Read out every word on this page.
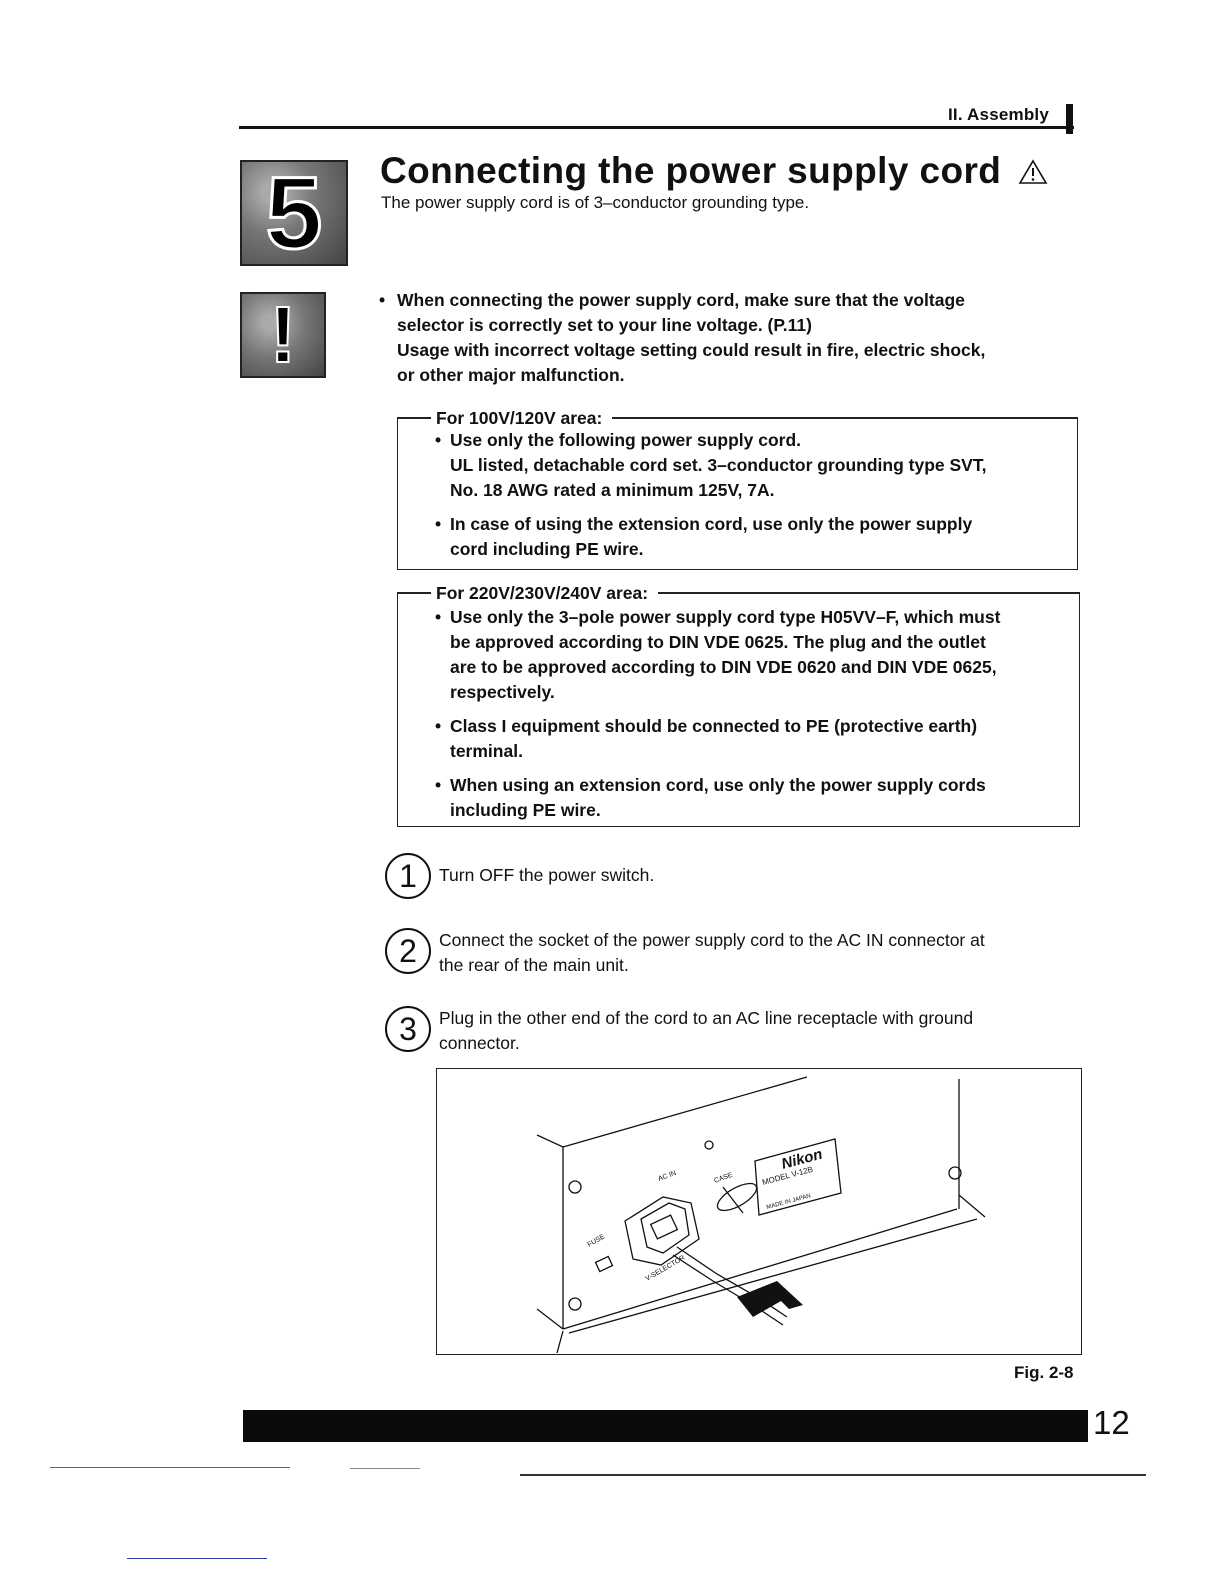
II. Assembly
5
!
Connecting the power supply cord
The power supply cord is of 3–conductor grounding type.
• When connecting the power supply cord, make sure that the voltage
selector is correctly set to your line voltage. (P.11)
Usage with incorrect voltage setting could result in fire, electric shock,
or other major malfunction.
For 100V/120V area:
• Use only the following power supply cord.
UL listed, detachable cord set. 3–conductor grounding type SVT,
No. 18 AWG rated a minimum 125V, 7A.
• In case of using the extension cord, use only the power supply
cord including PE wire.
For 220V/230V/240V area:
• Use only the 3–pole power supply cord type H05VV–F, which must
be approved according to DIN VDE 0625. The plug and the outlet
are to be approved according to DIN VDE 0620 and DIN VDE 0625,
respectively.
• Class I equipment should be connected to PE (protective earth)
terminal.
• When using an extension cord, use only the power supply cords
including PE wire.
1	Turn OFF the power switch.
2	Connect the socket of the power supply cord to the AC IN connector at
the rear of the main unit.
3	Plug in the other end of the cord to an AC line receptacle with ground
connector.
Nikon
MODEL V-12B
MADE IN JAPAN
AC IN	CASE
FUSE
V-SELECTOR
Fig. 2-8
12
